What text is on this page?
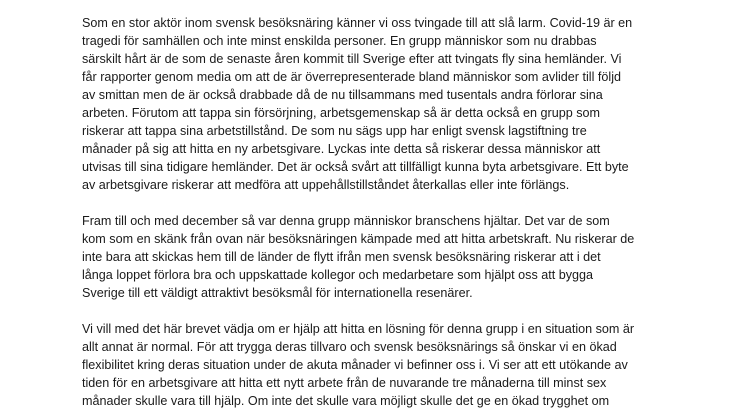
Som en stor aktör inom svensk besöksnäring känner vi oss tvingade till att slå larm. Covid-19 är en
tragedi för samhällen och inte minst enskilda personer. En grupp människor som nu drabbas
särskilt hårt är de som de senaste åren kommit till Sverige efter att tvingats fly sina hemländer. Vi
får rapporter genom media om att de är överrepresenterade bland människor som avlider till följd
av smittan men de är också drabbade då de nu tillsammans med tusentals andra förlorar sina
arbeten. Förutom att tappa sin försörjning, arbetsgemenskap så är detta också en grupp som
riskerar att tappa sina arbetstillstånd. De som nu sägs upp har enligt svensk lagstiftning tre
månader på sig att hitta en ny arbetsgivare. Lyckas inte detta så riskerar dessa människor att
utvisas till sina tidigare hemländer. Det är också svårt att tillfälligt kunna byta arbetsgivare. Ett byte
av arbetsgivare riskerar att medföra att uppehållstillståndet återkallas eller inte förlängs.

Fram till och med december så var denna grupp människor branschens hjältar. Det var de som
kom som en skänk från ovan när besöksnäringen kämpade med att hitta arbetskraft. Nu riskerar de
inte bara att skickas hem till de länder de flytt ifrån men svensk besöksnäring riskerar att i det
långa loppet förlora bra och uppskattade kollegor och medarbetare som hjälpt oss att bygga
Sverige till ett väldigt attraktivt besöksmål för internationella resenärer.

Vi vill med det här brevet vädja om er hjälp att hitta en lösning för denna grupp i en situation som är
allt annat är normal. För att trygga deras tillvaro och svensk besöksnärings så önskar vi en ökad
flexibilitet kring deras situation under de akuta månader vi befinner oss i. Vi ser att ett utökande av
tiden för en arbetsgivare att hitta ett nytt arbete från de nuvarande tre månaderna till minst sex
månader skulle vara till hjälp. Om inte det skulle vara möjligt skulle det ge en ökad trygghet om
